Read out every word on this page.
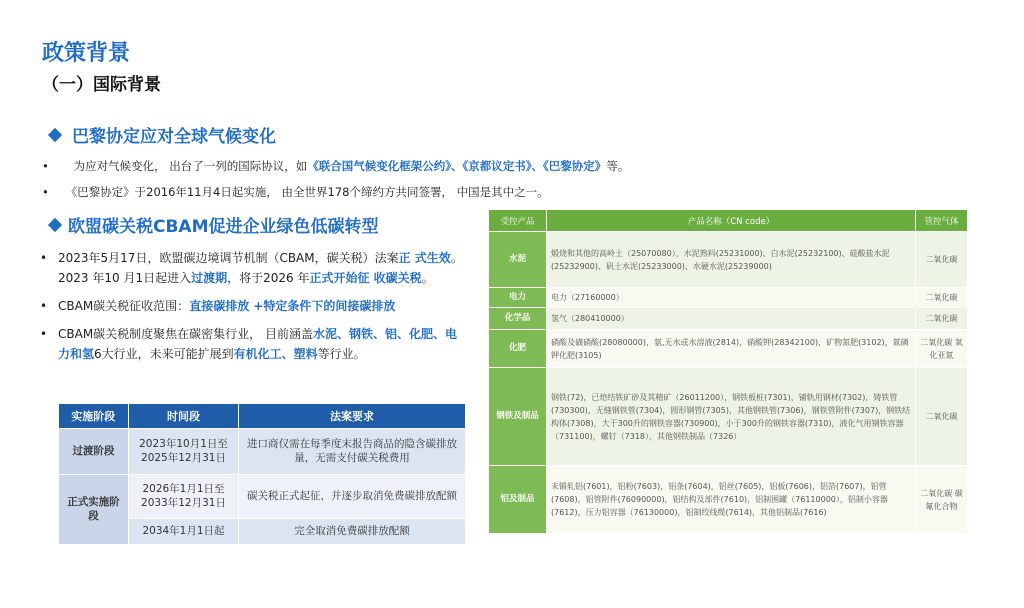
政策背景
（一）国际背景
巴黎协定应对全球气候变化
• 为应对气候变化， 出台了一列的国际协议，如《联合国气候变化框架公约》、《京都议定书》、《巴黎协定》等。
• 《巴黎协定》于2016年11月4日起实施， 由全世界178个缔约方共同签署， 中国是其中之一。
欧盟碳关税CBAM促进企业绿色低碳转型
• 2023年5月17日，欧盟碳边境调节机制（CBAM，碳关税）法案正 式生效。2023 年10 月1日起进入过渡期，将于2026 年正式开始征 收碳关税。
• CBAM碳关税征收范围：直接碳排放 +特定条件下的间接碳排放
• CBAM碳关税制度聚焦在碳密集行业， 目前涵盖水泥、钢铁、铝、化肥、电力和氢6大行业，未来可能扩展到有机化工、塑料等行业。
实施阶段	时间段	法案要求
过渡阶段	2023年10月1日至2025年12月31日	进口商仅需在每季度末报告商品的隐含碳排放量，无需支付碳关税费用
正式实施阶段	2026年1月1日至2033年12月31日	碳关税正式起征，并逐步取消免费碳排放配额
	2034年1月1日起	完全取消免费碳排放配额
受控产品	产品名称（CN code）	管控气体
水泥	煅烧和其他的高岭土（25070080），水泥熟料(25231000)、白水泥(25232100)、硅酸盐水泥(25232900)、矾土水泥(25233000)、水硬水泥(25239000)	二氧化碳
电力	电力（27160000）	二氧化碳
化学品	氢气（280410000）	二氧化碳
化肥	硝酸及磺硝酸(28080000)，氨,无水或水溶液(2814)，硝酸钾(28342100)，矿物氮肥(3102)，氮磷钾化肥(3105)	二氧化碳 氧化亚氮
钢铁及制品	钢铁(72)，已焙结铁矿砂及其精矿（26011200），钢铁板桩(7301)，铺轨用钢材(7302)，铸铁管(730300)，无缝钢铁管(7304)，圆形钢管(7305)，其他钢铁管(7306)，钢铁管附件(7307)，钢铁结构体(7308)，大于300升的钢铁容器(730900)，小于300升的钢铁容器(7310)，液化气用钢铁容器（731100)，螺钉（7318），其他钢铁制品（7326）	二氧化碳
铝及制品	未锻轧铝(7601)，铝粉(7603)，铝条(7604)，铝丝(7605)，铝板(7606)，铝箔(7607)，铝管(7608)，铝管附件(76090000)，铝结构及部件(7610)，铝制围罐（76110000），铝制小容器(7612)，压力铝容器（76130000)，铝制绞线缆(7614)，其他铝制品(7616)	二氧化碳 碳氟化合物
